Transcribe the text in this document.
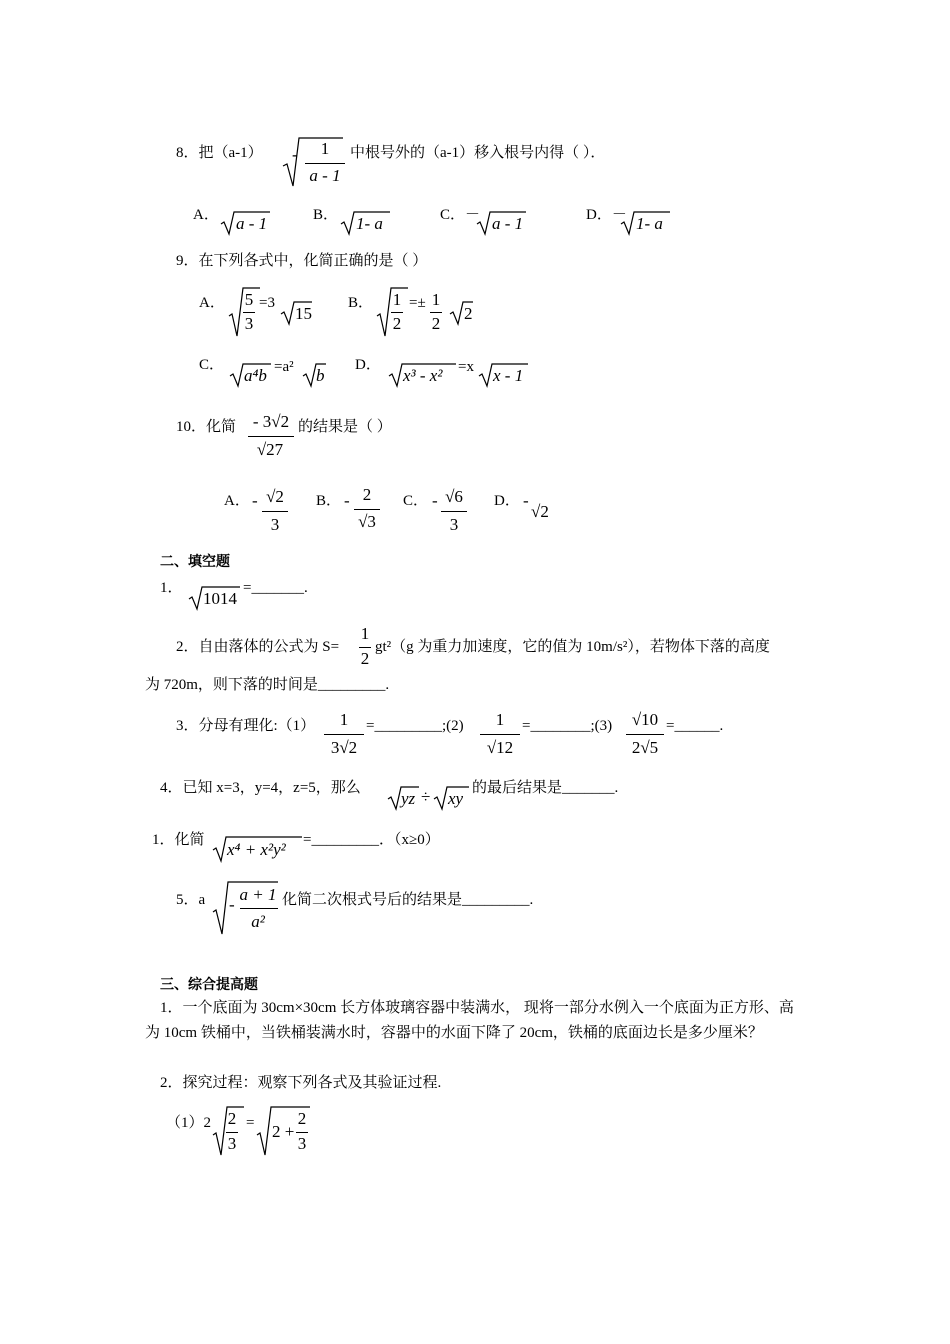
8．把（a-1） -	1
a - 1
中根号外的（a-1）移入根号内得（ ）．
A． a - 1	B． 1- a	C．－ a - 1	D．－ 1- a
9．在下列各式中，化简正确的是（ ）
A． 5
3
=3
15
B． 1
2
=± 1
2
2
C．
a⁴b =a² b
D．
x³ - x² =x x - 1
10．化简 - 3√2
√27
的结果是（ ）
A． - √2
3
B． - 2
√3
C． - √6
3
D． -
√2
二、填空题
1．
1014
=_______.
2．自由落体的公式为 S=
1
2
gt²（g 为重力加速度，它的值为 10m/s²），若物体下落的高度
为 720m，则下落的时间是_________.
3．分母有理化:（1）	1
3√2
=_________;(2)	1
√12
=________;(3)	√10
2√5
=______.
4．已知 x=3，y=4，z=5，那么
yz ÷ xy
的最后结果是_______.
1．化简 x⁴ + x²y² =_________．（x≥0）
5．a -
a + 1
a²
化简二次根式号后的结果是_________.
三、综合提高题
1．一个底面为 30cm×30cm 长方体玻璃容器中装满水， 现将一部分水例入一个底面为正方形、高为 10cm 铁桶中，当铁桶装满水时，容器中的水面下降了 20cm，铁桶的底面边长是多少厘米？
2．探究过程：观察下列各式及其验证过程.
（1）2 2
3
= 2 +
2
3
